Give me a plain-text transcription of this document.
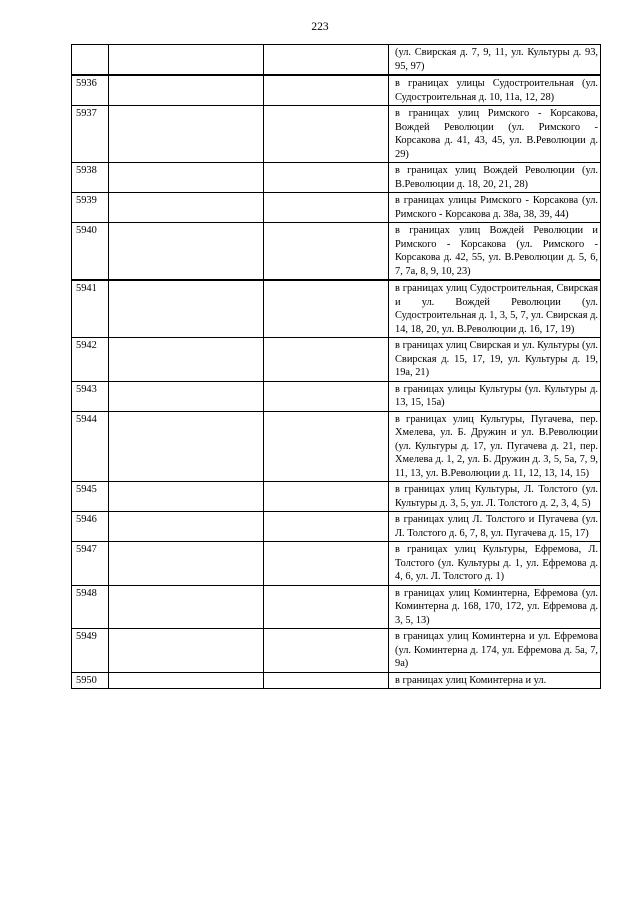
223
			(ул. Свирская д. 7, 9, 11, ул. Культуры д. 93, 95, 97)
5936			в границах улицы Судостроительная (ул. Судостроительная д. 10, 11а, 12, 28)
5937			в границах улиц Римского - Корсакова, Вождей Революции (ул. Римского - Корсакова д. 41, 43, 45, ул. В.Революции д. 29)
5938			в границах улиц Вождей Революции (ул. В.Революции д. 18, 20, 21, 28)
5939			в границах улицы Римского - Корсакова (ул. Римского - Корсакова д. 38а, 38, 39, 44)
5940			в границах улиц Вождей Революции и Римского - Корсакова (ул. Римского - Корсакова д. 42, 55, ул. В.Революции д. 5, 6, 7, 7а, 8, 9, 10, 23)
5941			в границах улиц Судостроительная, Свирская и ул. Вождей Революции (ул. Судостроительная д. 1, 3, 5, 7, ул. Свирская д. 14, 18, 20, ул. В.Революции д. 16, 17, 19)
5942			в границах улиц Свирская и ул. Культуры (ул. Свирская д. 15, 17, 19, ул. Культуры д. 19, 19а, 21)
5943			в границах улицы Культуры (ул. Культуры д. 13, 15, 15а)
5944			в границах улиц Культуры, Пугачева, пер. Хмелева, ул. Б. Дружин и ул. В.Революции (ул. Культуры д. 17, ул. Пугачева д. 21, пер. Хмелева д. 1, 2, ул. Б. Дружин д. 3, 5, 5а, 7, 9, 11, 13, ул. В.Революции д. 11, 12, 13, 14, 15)
5945			в границах улиц Культуры, Л. Толстого (ул. Культуры д. 3, 5, ул. Л. Толстого д. 2, 3, 4, 5)
5946			в границах улиц Л. Толстого и Пугачева (ул. Л. Толстого д. 6, 7, 8, ул. Пугачева д. 15, 17)
5947			в границах улиц Культуры, Ефремова, Л. Толстого (ул. Культуры д. 1, ул. Ефремова д. 4, 6, ул. Л. Толстого д. 1)
5948			в границах улиц Коминтерна, Ефремова (ул. Коминтерна д. 168, 170, 172, ул. Ефремова д. 3, 5, 13)
5949			в границах улиц Коминтерна и ул. Ефремова (ул. Коминтерна д. 174, ул. Ефремова д. 5а, 7, 9а)
5950			в границах улиц Коминтерна и ул.
